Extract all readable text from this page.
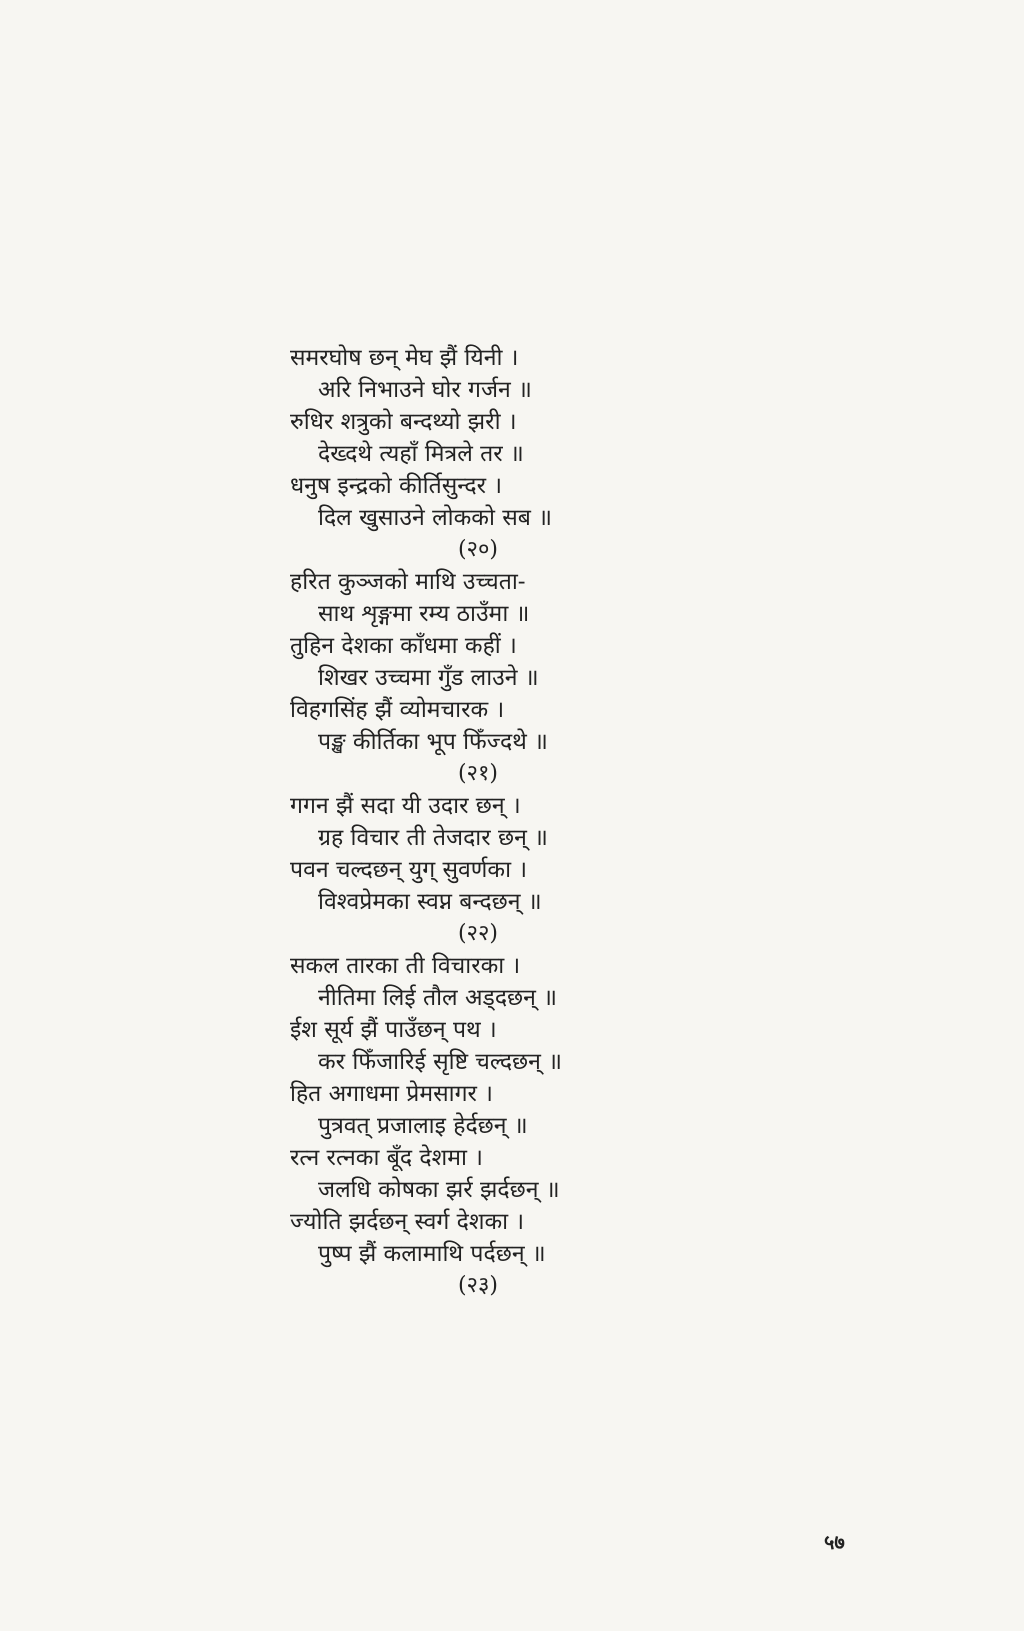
समरघोष छन् मेघ झैं यिनी ।
अरि निभाउने घोर गर्जन ॥
रुधिर शत्रुको बन्दथ्यो झरी ।
देख्दथे त्यहाँ मित्रले तर ॥
धनुष इन्द्रको कीर्तिसुन्दर ।
दिल खुसाउने लोकको सब ॥
(२०)
हरित कुञ्जको माथि उच्चता-
साथ शृङ्गमा रम्य ठाउँमा ॥
तुहिन देशका काँधमा कहीं ।
शिखर उच्चमा गुँड लाउने ॥
विहगसिंह झैं व्योमचारक ।
पङ्ख कीर्तिका भूप फिँज्दथे ॥
(२१)
गगन झैं सदा यी उदार छन् ।
ग्रह विचार ती तेजदार छन् ॥
पवन चल्दछन् युग् सुवर्णका ।
विश्वप्रेमका स्वप्न बन्दछन् ॥
(२२)
सकल तारका ती विचारका ।
नीतिमा लिई तौल अड्दछन् ॥
ईश सूर्य झैं पाउँछन् पथ ।
कर फिँजारिई सृष्टि चल्दछन् ॥
हित अगाधमा प्रेमसागर ।
पुत्रवत् प्रजालाइ हेर्दछन् ॥
रत्न रत्नका बूँद देशमा ।
जलधि कोषका झर्र झर्दछन् ॥
ज्योति झर्दछन् स्वर्ग देशका ।
पुष्प झैं कलामाथि पर्दछन् ॥
(२३)
५७
